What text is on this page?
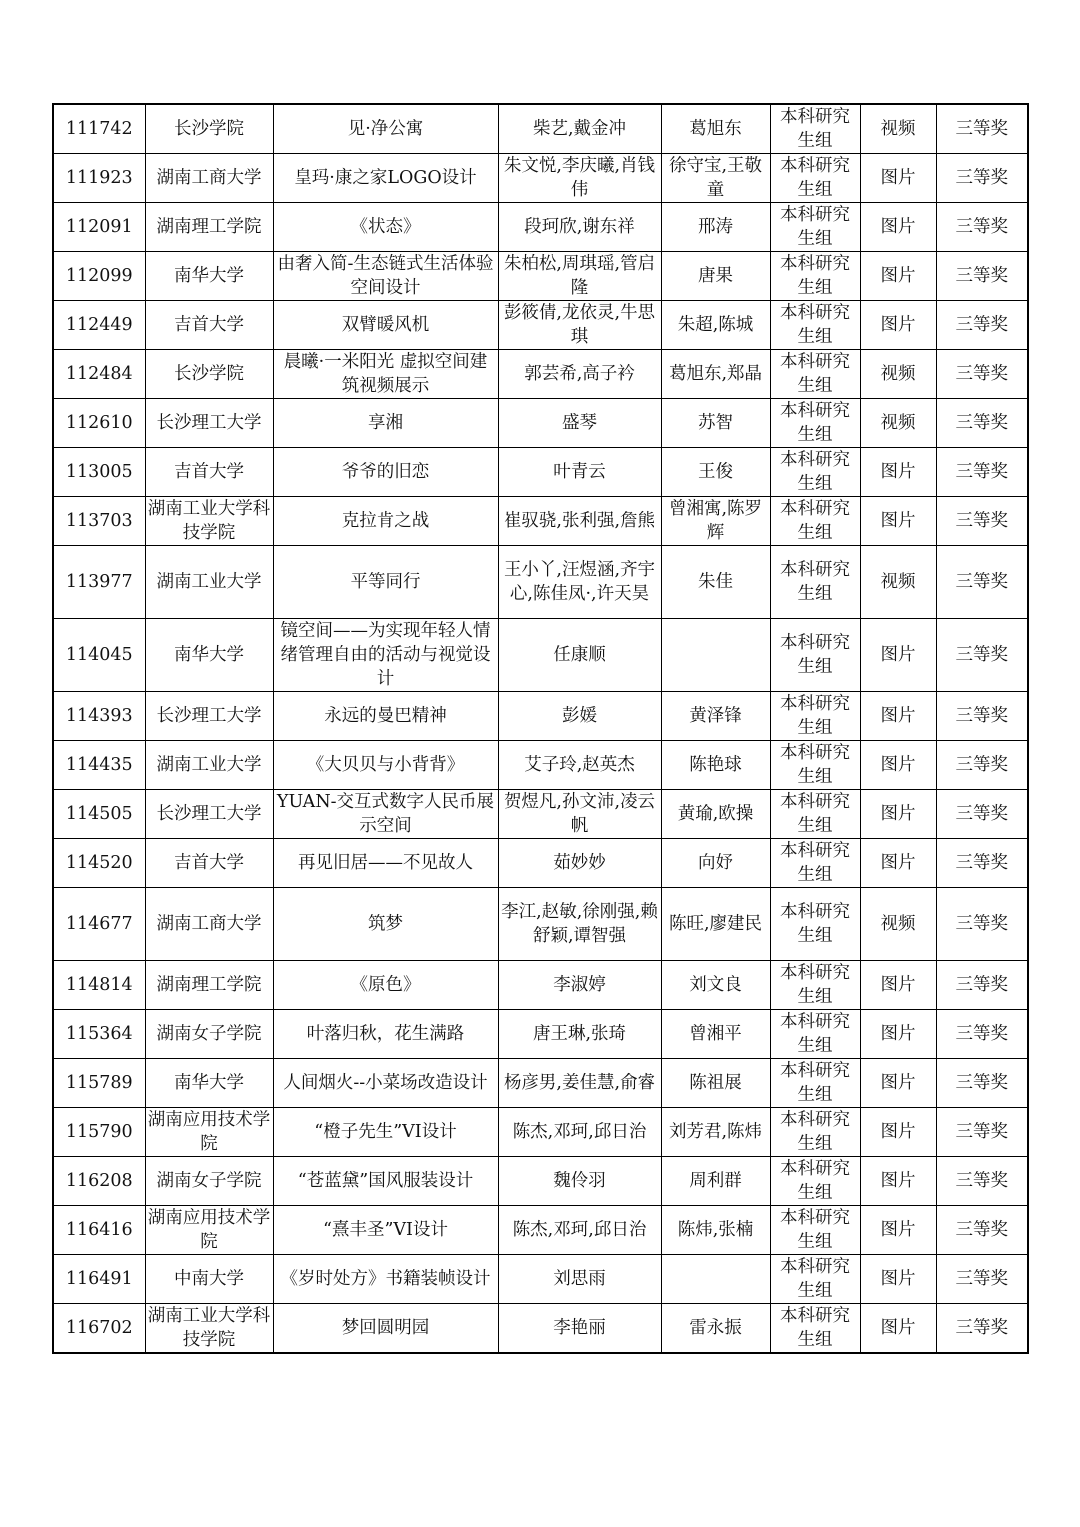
111742	长沙学院	见·净公寓	柴艺,戴金冲	葛旭东	本科研究生组	视频	三等奖
111923	湖南工商大学	皇玛·康之家LOGO设计	朱文悦,李庆曦,肖钱伟	徐守宝,王敬童	本科研究生组	图片	三等奖
112091	湖南理工学院	《状态》	段珂欣,谢东祥	邢涛	本科研究生组	图片	三等奖
112099	南华大学	由奢入简-生态链式生活体验空间设计	朱柏松,周琪瑶,管启隆	唐果	本科研究生组	图片	三等奖
112449	吉首大学	双臂暖风机	彭筱倩,龙依灵,牛思琪	朱超,陈城	本科研究生组	图片	三等奖
112484	长沙学院	晨曦·一米阳光 虚拟空间建筑视频展示	郭芸希,高子衿	葛旭东,郑晶	本科研究生组	视频	三等奖
112610	长沙理工大学	享湘	盛琴	苏智	本科研究生组	视频	三等奖
113005	吉首大学	爷爷的旧恋	叶青云	王俊	本科研究生组	图片	三等奖
113703	湖南工业大学科技学院	克拉肯之战	崔驭骁,张利强,詹熊	曾湘寓,陈罗辉	本科研究生组	图片	三等奖
113977	湖南工业大学	平等同行	王小丫,汪煜涵,齐宇心,陈佳凤·,许天昊	朱佳	本科研究生组	视频	三等奖
114045	南华大学	镜空间——为实现年轻人情绪管理自由的活动与视觉设计	任康顺		本科研究生组	图片	三等奖
114393	长沙理工大学	永远的曼巴精神	彭媛	黄泽锋	本科研究生组	图片	三等奖
114435	湖南工业大学	《大贝贝与小背背》	艾子玲,赵英杰	陈艳球	本科研究生组	图片	三等奖
114505	长沙理工大学	YUAN-交互式数字人民币展示空间	贺煜凡,孙文沛,凌云帆	黄瑜,欧操	本科研究生组	图片	三等奖
114520	吉首大学	再见旧居——不见故人	茹妙妙	向妤	本科研究生组	图片	三等奖
114677	湖南工商大学	筑梦	李江,赵敏,徐刚强,赖舒颖,谭智强	陈旺,廖建民	本科研究生组	视频	三等奖
114814	湖南理工学院	《原色》	李淑婷	刘文良	本科研究生组	图片	三等奖
115364	湖南女子学院	叶落归秋，花生满路	唐王琳,张琦	曾湘平	本科研究生组	图片	三等奖
115789	南华大学	人间烟火--小菜场改造设计	杨彦男,姜佳慧,俞睿	陈祖展	本科研究生组	图片	三等奖
115790	湖南应用技术学院	“橙子先生”VI设计	陈杰,邓珂,邱日治	刘芳君,陈炜	本科研究生组	图片	三等奖
116208	湖南女子学院	“苍蓝黛”国风服装设计	魏伶羽	周利群	本科研究生组	图片	三等奖
116416	湖南应用技术学院	“熹丰圣”VI设计	陈杰,邓珂,邱日治	陈炜,张楠	本科研究生组	图片	三等奖
116491	中南大学	《岁时处方》书籍装帧设计	刘思雨		本科研究生组	图片	三等奖
116702	湖南工业大学科技学院	梦回圆明园	李艳丽	雷永振	本科研究生组	图片	三等奖
